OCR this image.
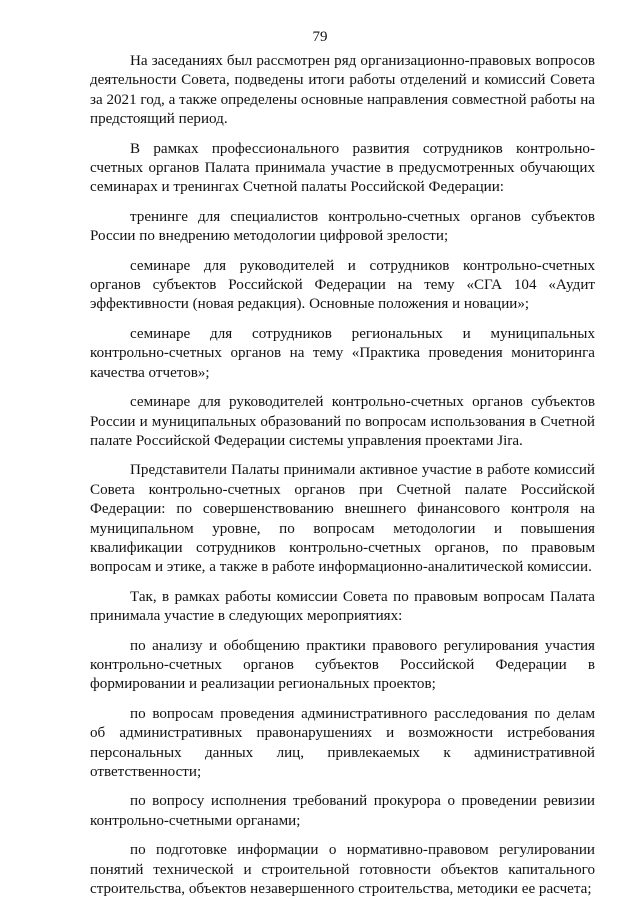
79

На заседаниях был рассмотрен ряд организационно-правовых вопросов деятельности Совета, подведены итоги работы отделений и комиссий Совета за 2021 год, а также определены основные направления совместной работы на предстоящий период.

В рамках профессионального развития сотрудников контрольно-счетных органов Палата принимала участие в предусмотренных обучающих семинарах и тренингах Счетной палаты Российской Федерации:

тренинге для специалистов контрольно-счетных органов субъектов России по внедрению методологии цифровой зрелости;

семинаре для руководителей и сотрудников контрольно-счетных органов субъектов Российской Федерации на тему «СГА 104 «Аудит эффективности (новая редакция). Основные положения и новации»;

семинаре для сотрудников региональных и муниципальных контрольно-счетных органов на тему «Практика проведения мониторинга качества отчетов»;

семинаре для руководителей контрольно-счетных органов субъектов России и муниципальных образований по вопросам использования в Счетной палате Российской Федерации системы управления проектами Jira.

Представители Палаты принимали активное участие в работе комиссий Совета контрольно-счетных органов при Счетной палате Российской Федерации: по совершенствованию внешнего финансового контроля на муниципальном уровне, по вопросам методологии и повышения квалификации сотрудников контрольно-счетных органов, по правовым вопросам и этике, а также в работе информационно-аналитической комиссии.

Так, в рамках работы комиссии Совета по правовым вопросам Палата принимала участие в следующих мероприятиях:

по анализу и обобщению практики правового регулирования участия контрольно-счетных органов субъектов Российской Федерации в формировании и реализации региональных проектов;

по вопросам проведения административного расследования по делам об административных правонарушениях и возможности истребования персональных данных лиц, привлекаемых к административной ответственности;

по вопросу исполнения требований прокурора о проведении ревизии контрольно-счетными органами;

по подготовке информации о нормативно-правовом регулировании понятий технической и строительной готовности объектов капитального строительства, объектов незавершенного строительства, методики ее расчета;
